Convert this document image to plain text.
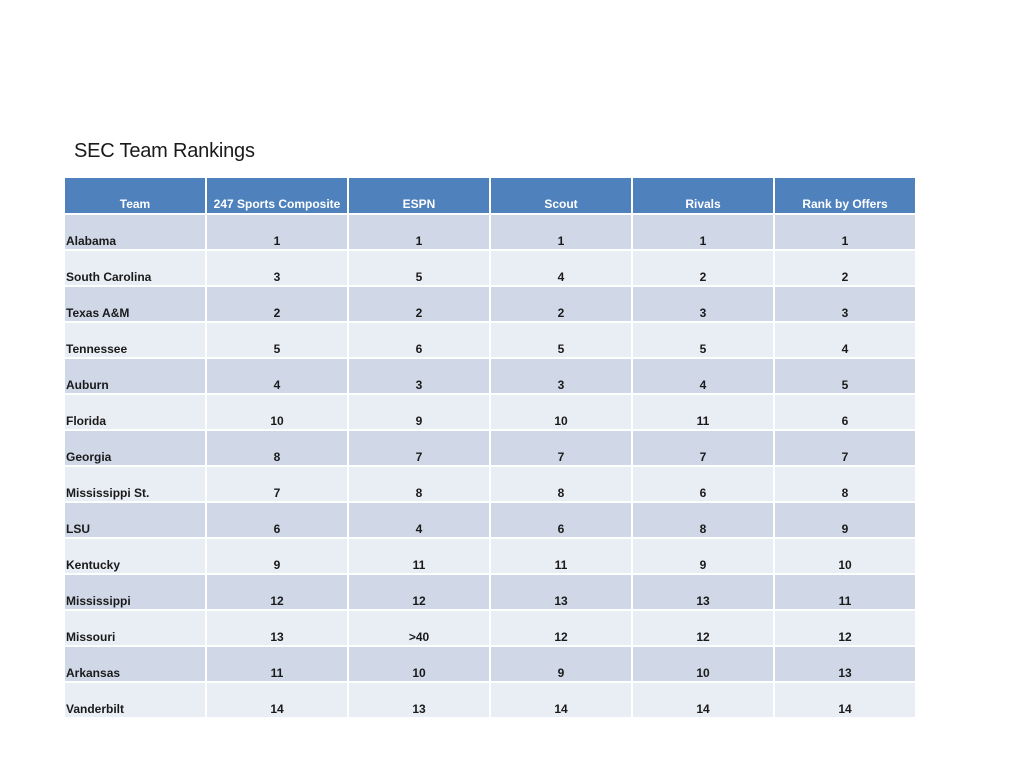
SEC Team Rankings
Team	247 Sports Composite	ESPN	Scout	Rivals	Rank by Offers
Alabama	1	1	1	1	1
South Carolina	3	5	4	2	2
Texas A&M	2	2	2	3	3
Tennessee	5	6	5	5	4
Auburn	4	3	3	4	5
Florida	10	9	10	11	6
Georgia	8	7	7	7	7
Mississippi St.	7	8	8	6	8
LSU	6	4	6	8	9
Kentucky	9	11	11	9	10
Mississippi	12	12	13	13	11
Missouri	13	>40	12	12	12
Arkansas	11	10	9	10	13
Vanderbilt	14	13	14	14	14
